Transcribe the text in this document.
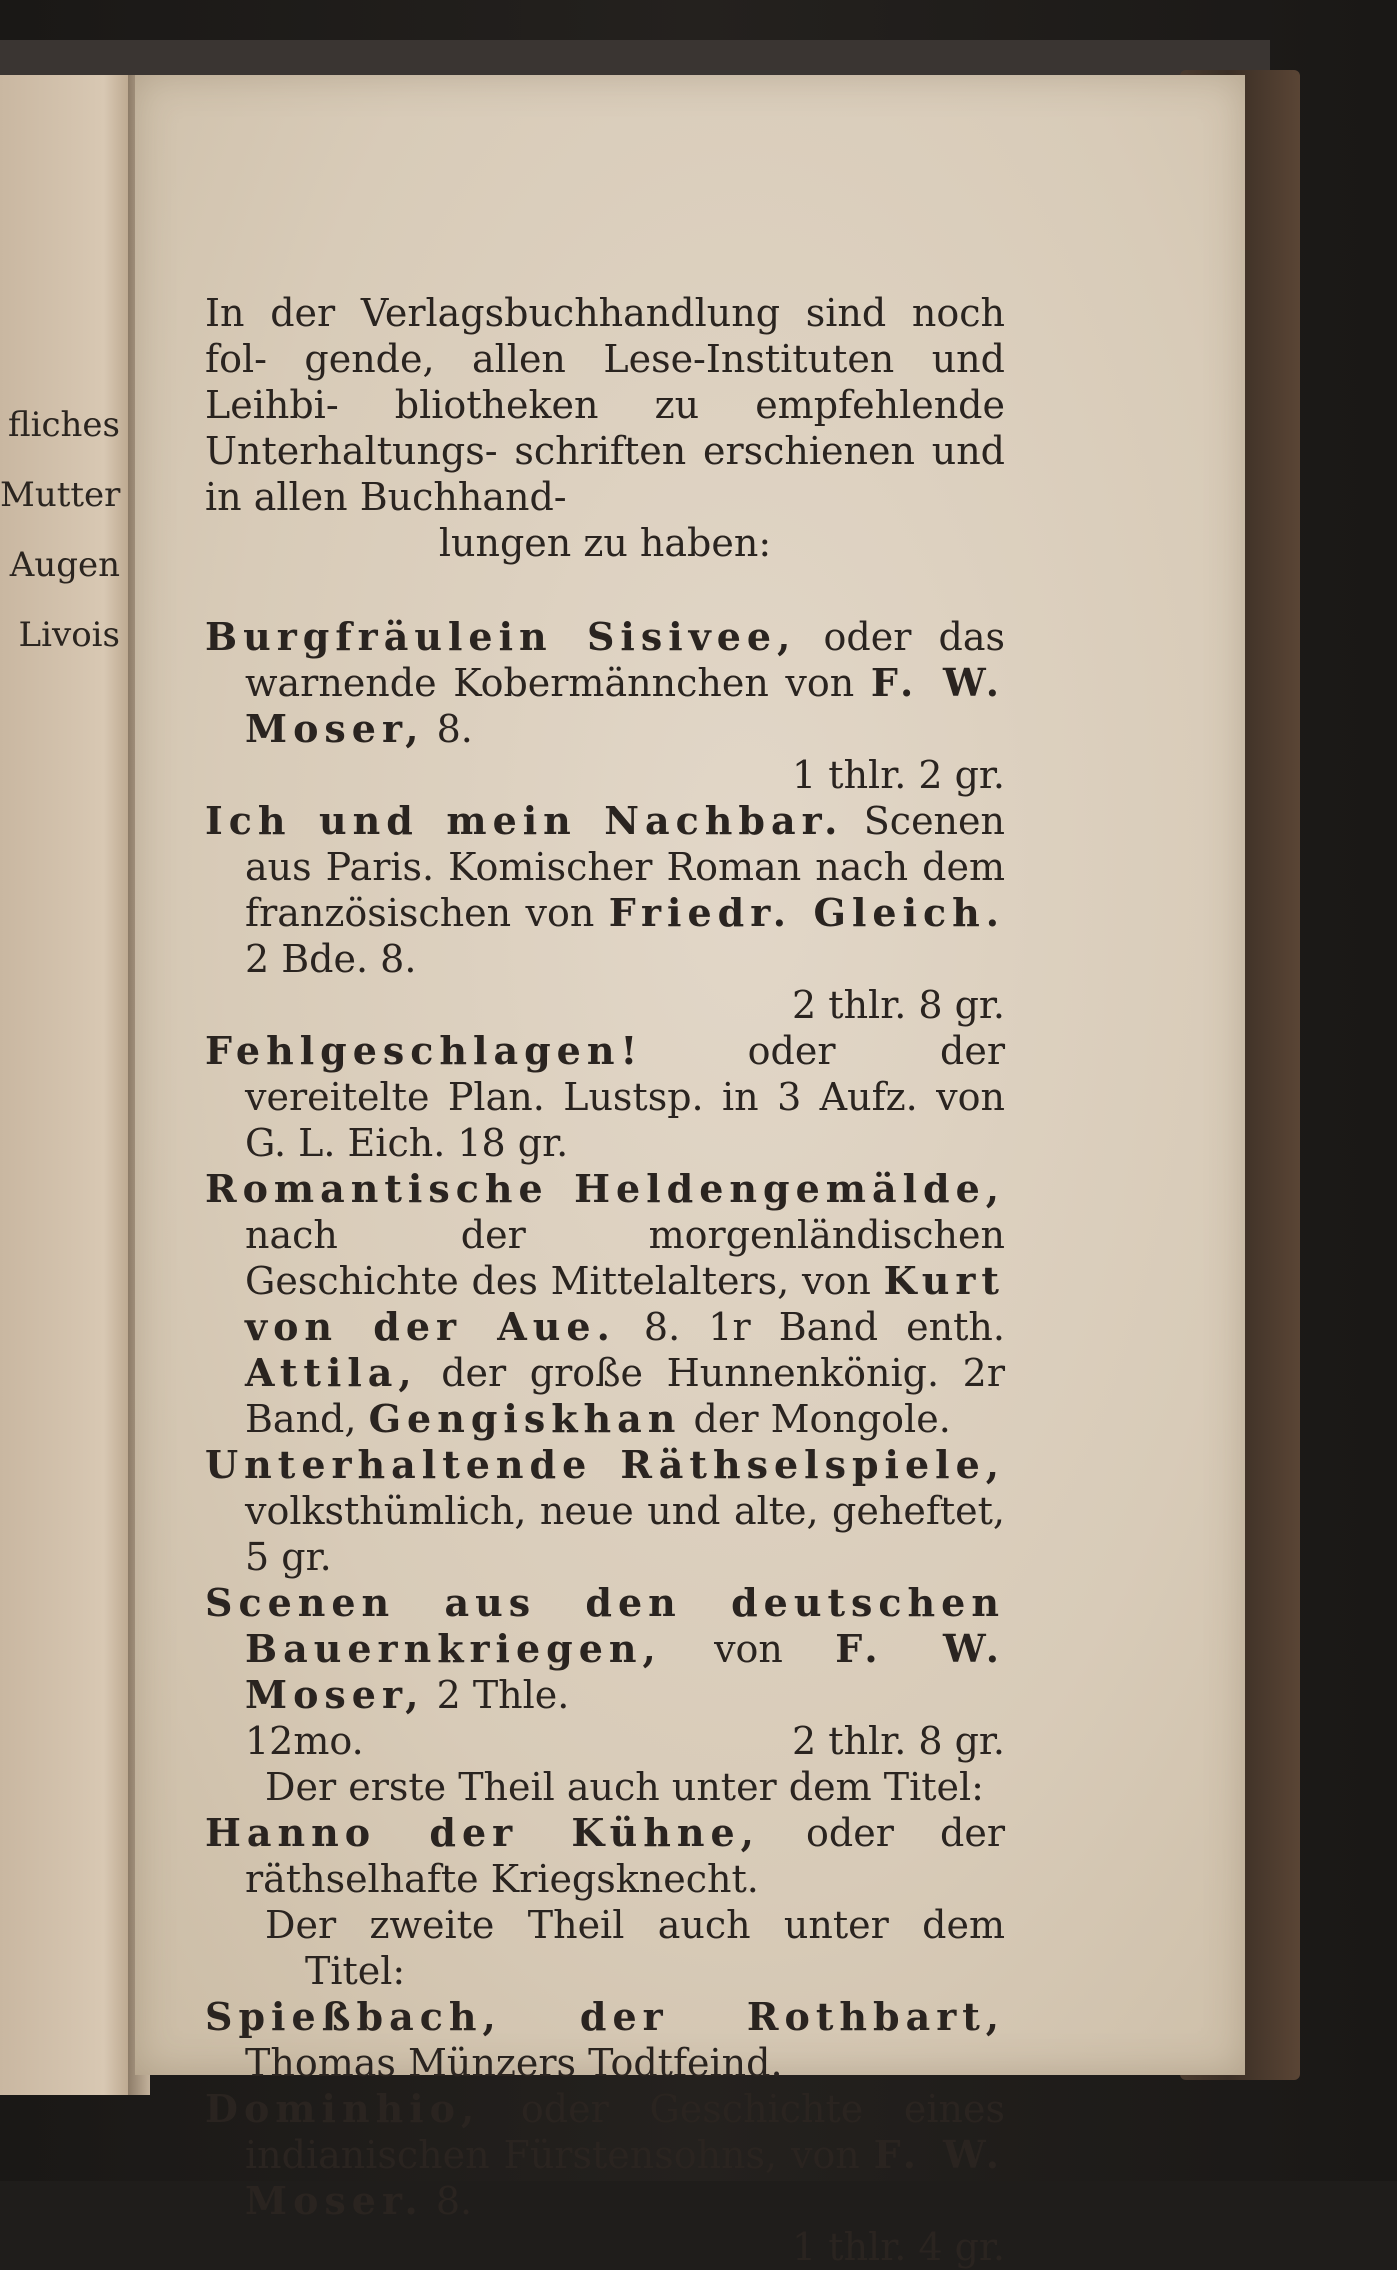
fliches
Mutter
Augen
Livois
In der Verlagsbuchhandlung sind noch fol- gende, allen Lese-Instituten und Leihbi- bliotheken zu empfehlende Unterhaltungs- schriften erschienen und in allen Buchhand-
lungen zu haben:
Burgfräulein Sisivee, oder das warnende Kobermännchen von F. W. Moser, 8.
1 thlr. 2 gr.
Ich und mein Nachbar. Scenen aus Paris. Komischer Roman nach dem französischen von Friedr. Gleich. 2 Bde. 8.
2 thlr. 8 gr.
Fehlgeschlagen!	oder der vereitelte Plan. Lustsp. in 3 Aufz. von G. L. Eich. 18 gr.
Romantische Heldengemälde, nach der morgenländischen Geschichte des Mittelalters, von Kurt von der Aue. 8. 1r Band enth. Attila, der große Hunnenkönig. 2r Band, Gengiskhan der Mongole.
Unterhaltende Räthselspiele, volksthümlich, neue und alte, geheftet, 5 gr.
Scenen aus den deutschen Bauernkriegen, von F. W. Moser, 2 Thle.
12mo.	2 thlr. 8 gr.
Der erste Theil auch unter dem Titel:
Hanno der Kühne, oder der räthselhafte Kriegsknecht.
Der zweite Theil auch unter dem Titel:
Spießbach, der Rothbart, Thomas Münzers Todtfeind.
Dominhio, oder Geschichte eines indianischen Fürstensohns, von F. W. Moser. 8.
1 thlr. 4 gr.
